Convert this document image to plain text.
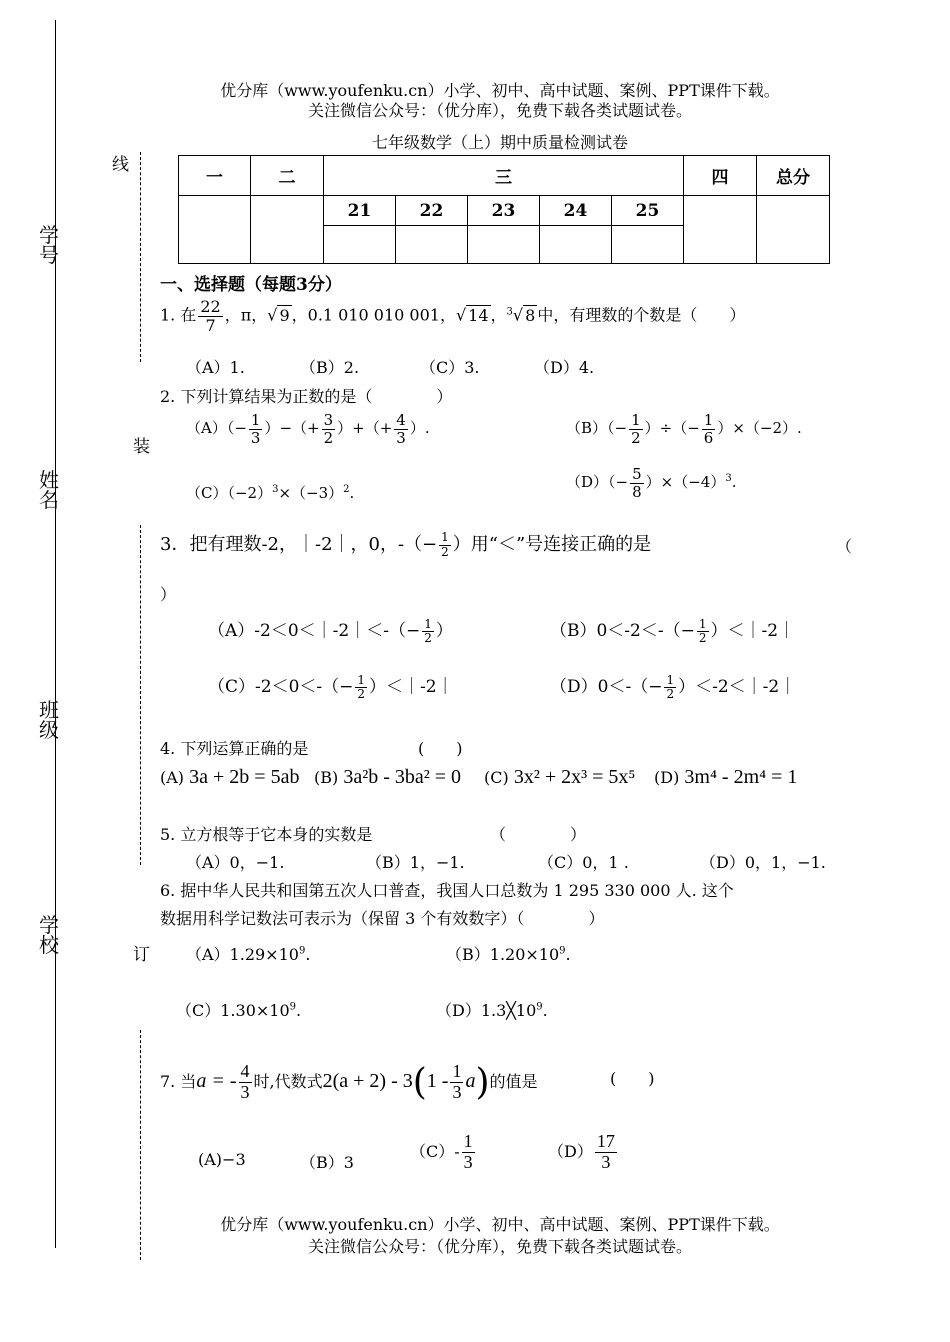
优分库（www.youfenku.cn）小学、初中、高中试题、案例、PPT课件下载。
关注微信公众号：（优分库），免费下载各类试题试卷。
七年级数学（上）期中质量检测试卷
学号
姓名
班级
学校
线
装
订
一	二	三					四	总分
		21	22	23	24	25		

一、选择题（每题3分）
1. 在 $\frac{22}{7}$ ，π，√ 9 ，0.1 010 010 001，√ 14 ，$^3$√ 8 中，有理数的个数是（　　）
（A）1.	（B）2.	（C）3.	（D）4.
2. 下列计算结果为正数的是（　　　　）
$(A)(- \frac{1}{3}$ ）−（+ $\frac{3}{2}$ ）+（+ $\frac{4}{3}$ ）.	$(B)(- \frac{1}{2}$ ）÷（− $\frac{1}{6} )\times(-2)$.
$(C)(-2)^3\times(-3)^2$.
$(D)(- \frac{5}{8} )\times(-4)^3$.
3．把有理数-2，｜-2｜，0，-（− $\frac{1}{2}$ ）用“＜”号连接正确的是	（
）
（A）-2＜0＜｜-2｜＜-（− $\frac{1}{2}$ ）	$(B)0<-2<-(- \frac{1}{2}$ ）＜｜-2｜
$(C)-2<0<-(- \frac{1}{2}$ ）＜｜-2｜	$(D)0<-(- \frac{1}{2}$ ）＜-2＜｜-2｜
4. 下列运算正确的是	(　　)
(A) 3a + 2b = 5ab (B) 3a²b - 3ba² = 0 (C) 3x² + 2x³ = 5x⁵ (D) 3m⁴ - 2m⁴ = 1
5. 立方根等于它本身的实数是	（　　　　）
（A）0，−1.	（B）1，−1.	（C）0，1 .	（D）0，1，−1.
6. 据中华人民共和国第五次人口普查，我国人口总数为 1 295 330 000 人. 这个
数据用科学记数法可表示为（保留 3 个有效数字）（　　　　）
$(A)1.29\times 10^9$.	$(B)1.20\times 10^9$.
$(C)1.30\times 10^9$.	$(D)1.3╳10^9$.
7. 当a = - $\frac{4}{3}$ 时,代数式$2(a + 2) - 3(1 - \frac{1}{3} a)$的值是	(　　)
(A)−3	（B）3
$(C)- \frac{1}{3}$	$(D) \frac{17}{3}$
优分库（www.youfenku.cn）小学、初中、高中试题、案例、PPT课件下载。
关注微信公众号：（优分库），免费下载各类试题试卷。
